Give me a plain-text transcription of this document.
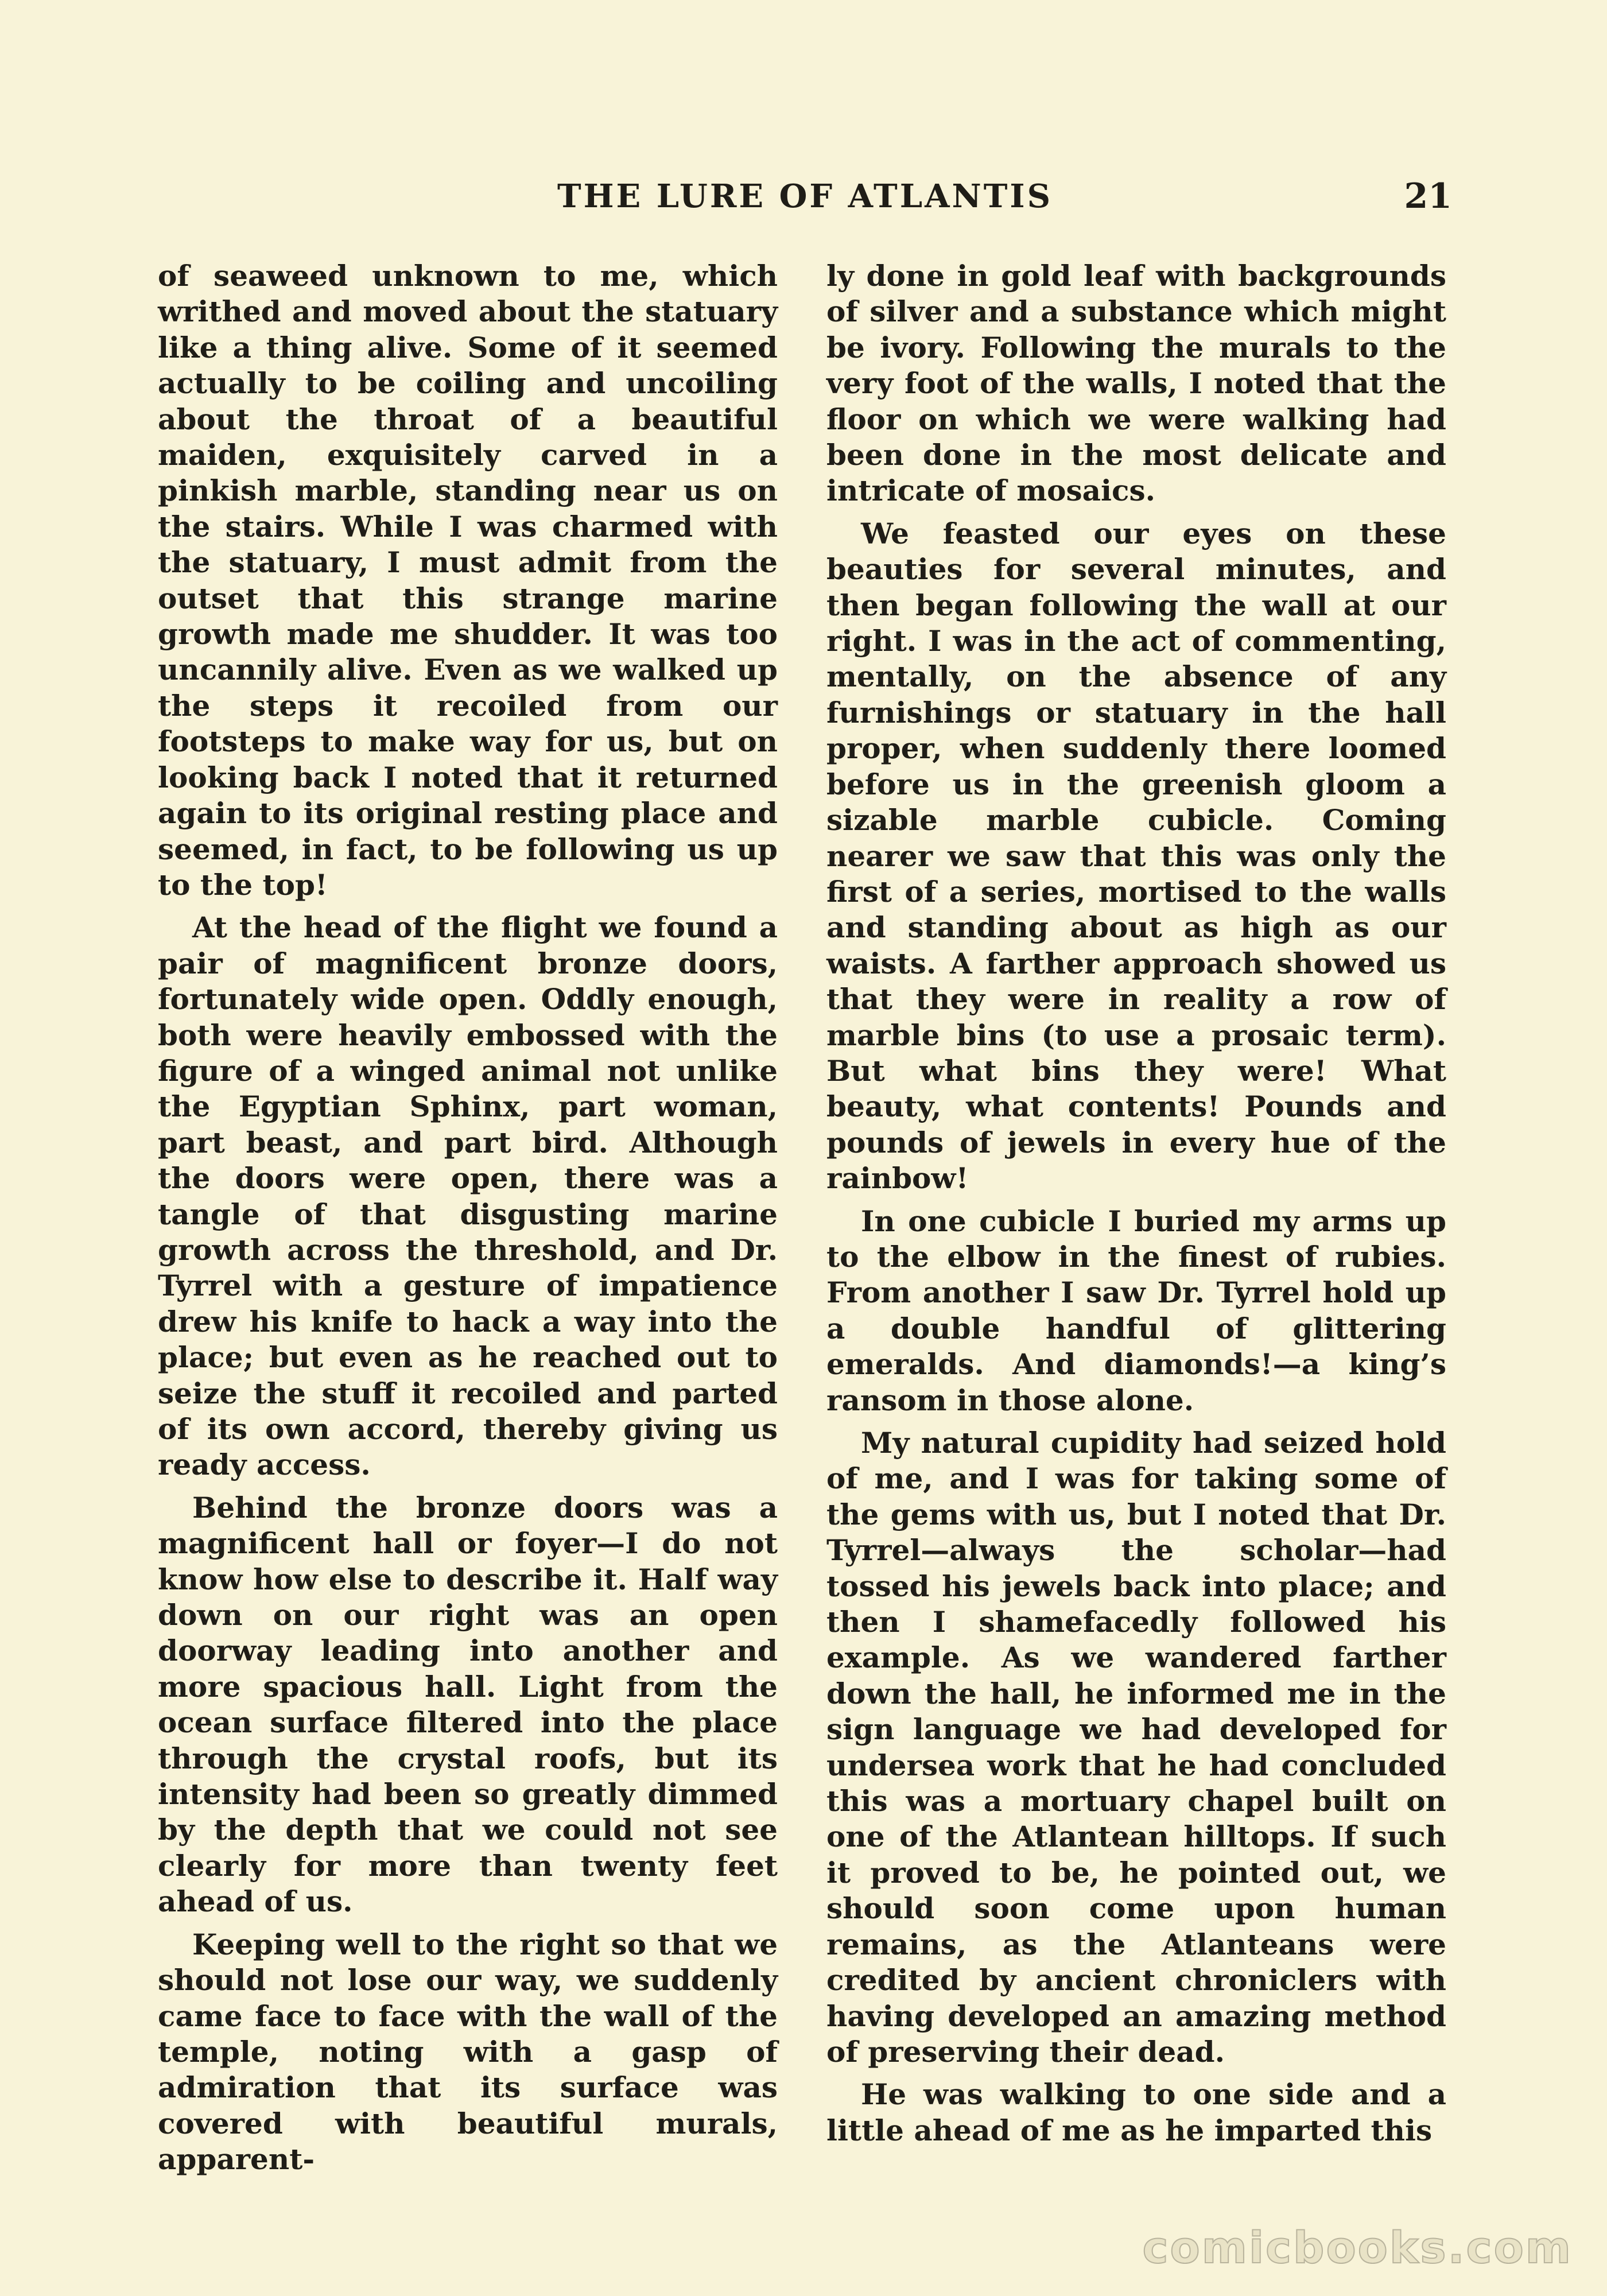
THE LURE OF ATLANTIS	21

of seaweed unknown to me, which writhed and moved about the statuary like a thing alive. Some of it seemed actually to be coiling and uncoiling about the throat of a beautiful maiden, exquisitely carved in a pinkish marble, standing near us on the stairs. While I was charmed with the statuary, I must admit from the outset that this strange marine growth made me shudder. It was too uncannily alive. Even as we walked up the steps it recoiled from our footsteps to make way for us, but on looking back I noted that it returned again to its original resting place and seemed, in fact, to be following us up to the top!

At the head of the flight we found a pair of magnificent bronze doors, fortunately wide open. Oddly enough, both were heavily embossed with the figure of a winged animal not unlike the Egyptian Sphinx, part woman, part beast, and part bird. Although the doors were open, there was a tangle of that disgusting marine growth across the threshold, and Dr. Tyrrel with a gesture of impatience drew his knife to hack a way into the place; but even as he reached out to seize the stuff it recoiled and parted of its own accord, thereby giving us ready access.

Behind the bronze doors was a magnificent hall or foyer—I do not know how else to describe it. Half way down on our right was an open doorway leading into another and more spacious hall. Light from the ocean surface filtered into the place through the crystal roofs, but its intensity had been so greatly dimmed by the depth that we could not see clearly for more than twenty feet ahead of us.

Keeping well to the right so that we should not lose our way, we suddenly came face to face with the wall of the temple, noting with a gasp of admiration that its surface was covered with beautiful murals, apparent-

ly done in gold leaf with backgrounds of silver and a substance which might be ivory. Following the murals to the very foot of the walls, I noted that the floor on which we were walking had been done in the most delicate and intricate of mosaics.

We feasted our eyes on these beauties for several minutes, and then began following the wall at our right. I was in the act of commenting, mentally, on the absence of any furnishings or statuary in the hall proper, when suddenly there loomed before us in the greenish gloom a sizable marble cubicle. Coming nearer we saw that this was only the first of a series, mortised to the walls and standing about as high as our waists. A farther approach showed us that they were in reality a row of marble bins (to use a prosaic term). But what bins they were! What beauty, what contents! Pounds and pounds of jewels in every hue of the rainbow!

In one cubicle I buried my arms up to the elbow in the finest of rubies. From another I saw Dr. Tyrrel hold up a double handful of glittering emeralds. And diamonds!—a king’s ransom in those alone.

My natural cupidity had seized hold of me, and I was for taking some of the gems with us, but I noted that Dr. Tyrrel—always the scholar—had tossed his jewels back into place; and then I shamefacedly followed his example. As we wandered farther down the hall, he informed me in the sign language we had developed for undersea work that he had concluded this was a mortuary chapel built on one of the Atlantean hilltops. If such it proved to be, he pointed out, we should soon come upon human remains, as the Atlanteans were credited by ancient chroniclers with having developed an amazing method of preserving their dead.

He was walking to one side and a little ahead of me as he imparted this

comicbooks.com
